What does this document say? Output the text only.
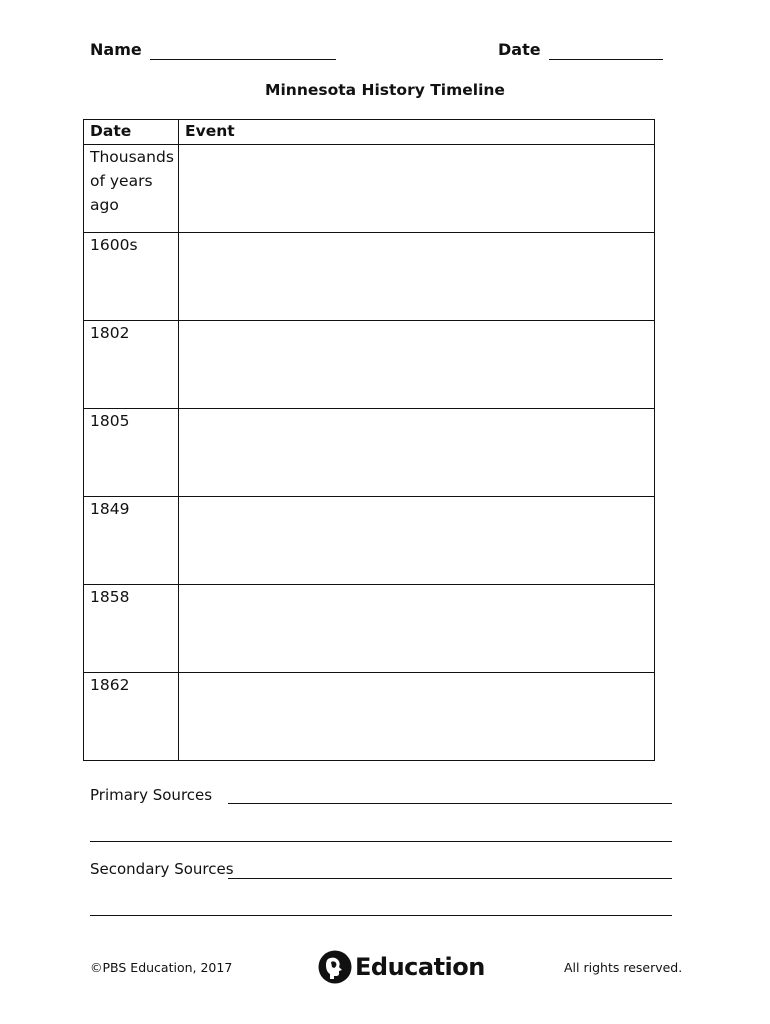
Name	Date
Minnesota History Timeline
Date	Event
Thousands of years ago	
1600s	
1802	
1805	
1849	
1858	
1862	
Primary Sources
Secondary Sources
©PBS Education, 2017	Education	All rights reserved.
